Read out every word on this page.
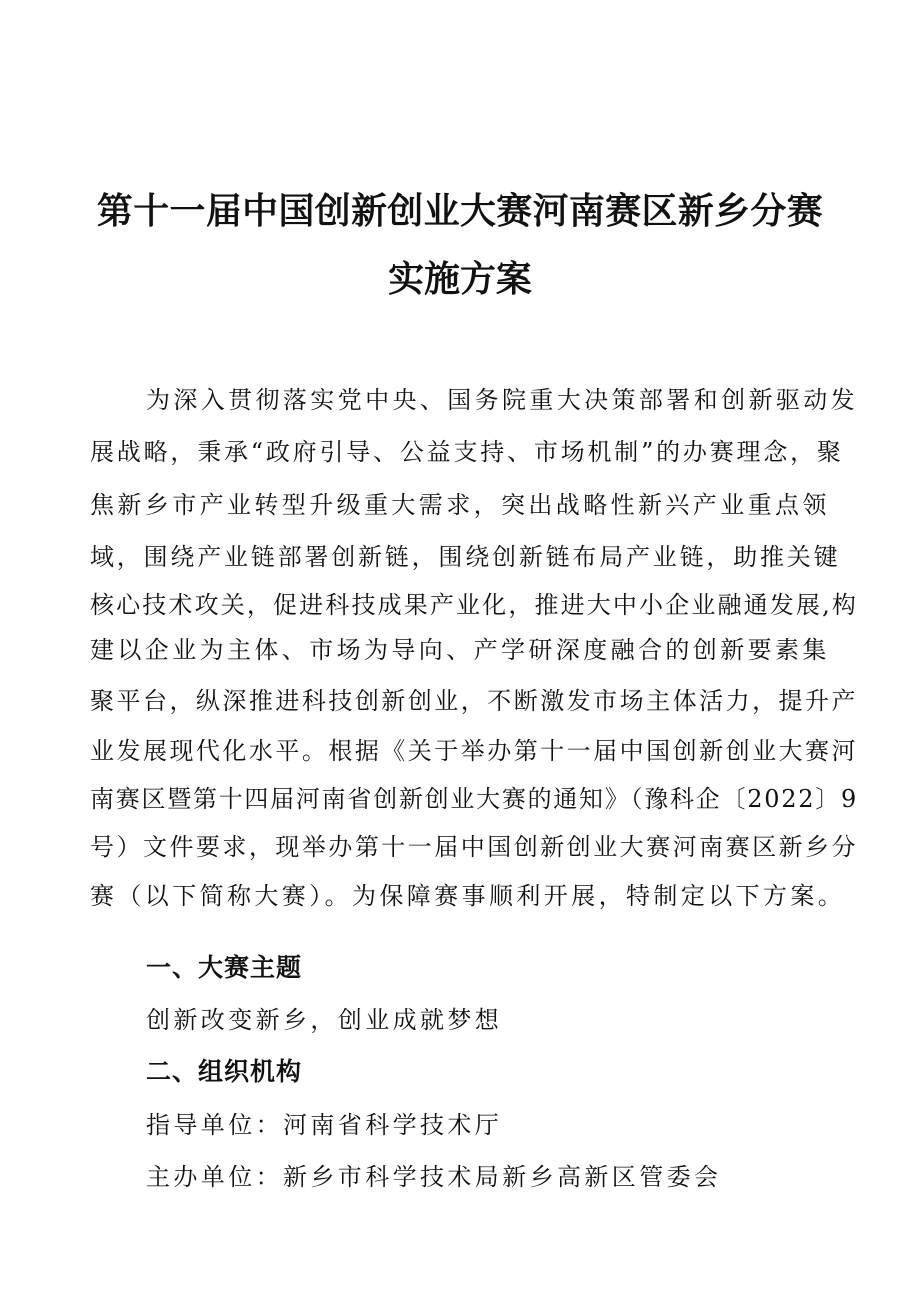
第十一届中国创新创业大赛河南赛区新乡分赛
实施方案
为深入贯彻落实党中央、国务院重大决策部署和创新驱动发
展战略，秉承“政府引导、公益支持、市场机制”的办赛理念，聚
焦新乡市产业转型升级重大需求，突出战略性新兴产业重点领
域，围绕产业链部署创新链，围绕创新链布局产业链，助推关键
核心技术攻关，促进科技成果产业化，推进大中小企业融通发展,构
建以企业为主体、市场为导向、产学研深度融合的创新要素集
聚平台，纵深推进科技创新创业，不断激发市场主体活力，提升产
业发展现代化水平。根据《关于举办第十一届中国创新创业大赛河
南赛区暨第十四届河南省创新创业大赛的通知》（豫科企〔2022〕9
号）文件要求，现举办第十一届中国创新创业大赛河南赛区新乡分
赛（以下简称大赛）。为保障赛事顺利开展，特制定以下方案。
一、大赛主题
创新改变新乡，创业成就梦想
二、组织机构
指导单位：河南省科学技术厅
主办单位：新乡市科学技术局新乡高新区管委会
